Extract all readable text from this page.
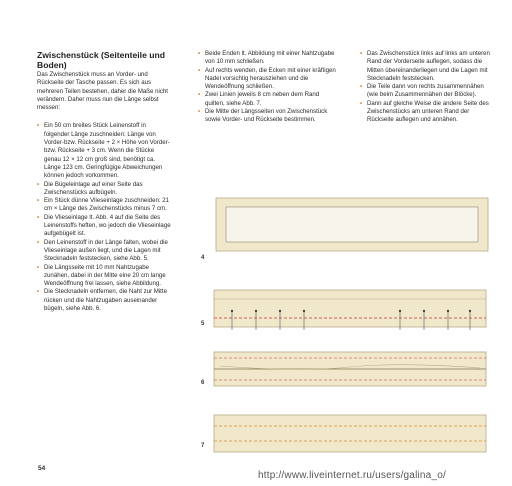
Zwischenstück (Seitenteile und Boden)

Das Zwischenstück muss an Vorder- und Rückseite der Tasche passen. Es sich aus mehreren Teilen bestehen, daher die Maße nicht verändern. Daher muss nun die Länge selbst messen:

• Ein 50 cm breites Stück Leinenstoff in folgender Länge zuschneiden: Länge von Vorder-bzw. Rückseite + 2 × Höhe von Vorder-bzw. Rückseite + 3 cm. Wenn die Stücke genau 12 × 12 cm groß sind, benötigt ca. Länge 123 cm. Geringfügige Abweichungen können jedoch vorkommen.
• Die Bügeleinlage auf einer Seite das Zwischenstücks aufbügeln.
• Ein Stück dünne Vlieseinlage zuschneiden: 21 cm × Länge des Zwischenstücks minus 7 cm.
• Die Vlieseinlage lt. Abb. 4 auf die Seite des Leinenstoffs heften, wo jedoch die Vlieseinlage aufgebügelt ist.
• Den Leinenstoff in der Länge falten, wobei die Vlieseinlage außen liegt, und die Lagen mit Stecknadeln feststecken, siehe Abb. 5.
• Die Längsseite mit 10 mm Nahtzugabe zunähen, dabei in der Mitte eine 20 cm lange Wendeöffnung frei lassen, siehe Abbildung.
• Die Stecknadeln entfernen, die Naht zur Mitte rücken und die Nahtzugaben auseinander bügeln, siehe Abb. 6.
• Beide Enden lt. Abbildung mit einer Nahtzugabe von 10 mm schließen.
• Auf rechts wenden, die Ecken mit einer kräftigen Nadel vorsichtig herausziehen und die Wendeöffnung schließen.
• Zwei Linien jeweils 8 cm neben dem Rand quilten, siehe Abb. 7.
• Die Mitte der Längsseiten von Zwischenstück sowie Vorder- und Rückseite bestimmen.
• Das Zwischenstück links auf links am unteren Rand der Vorderseite auflegen, sodass die Mitten übereinanderliegen und die Lagen mit Stecknadeln feststecken.
• Die Teile dann von rechts zusammennähen (wie beim Zusammennähen der Blöcke).
• Dann auf gleiche Weise die andere Seite des Zwischenstücks am unteren Rand der Rückseite auflegen und annähen.
4
5
6
7
54
http://www.liveinternet.ru/users/galina_o/
